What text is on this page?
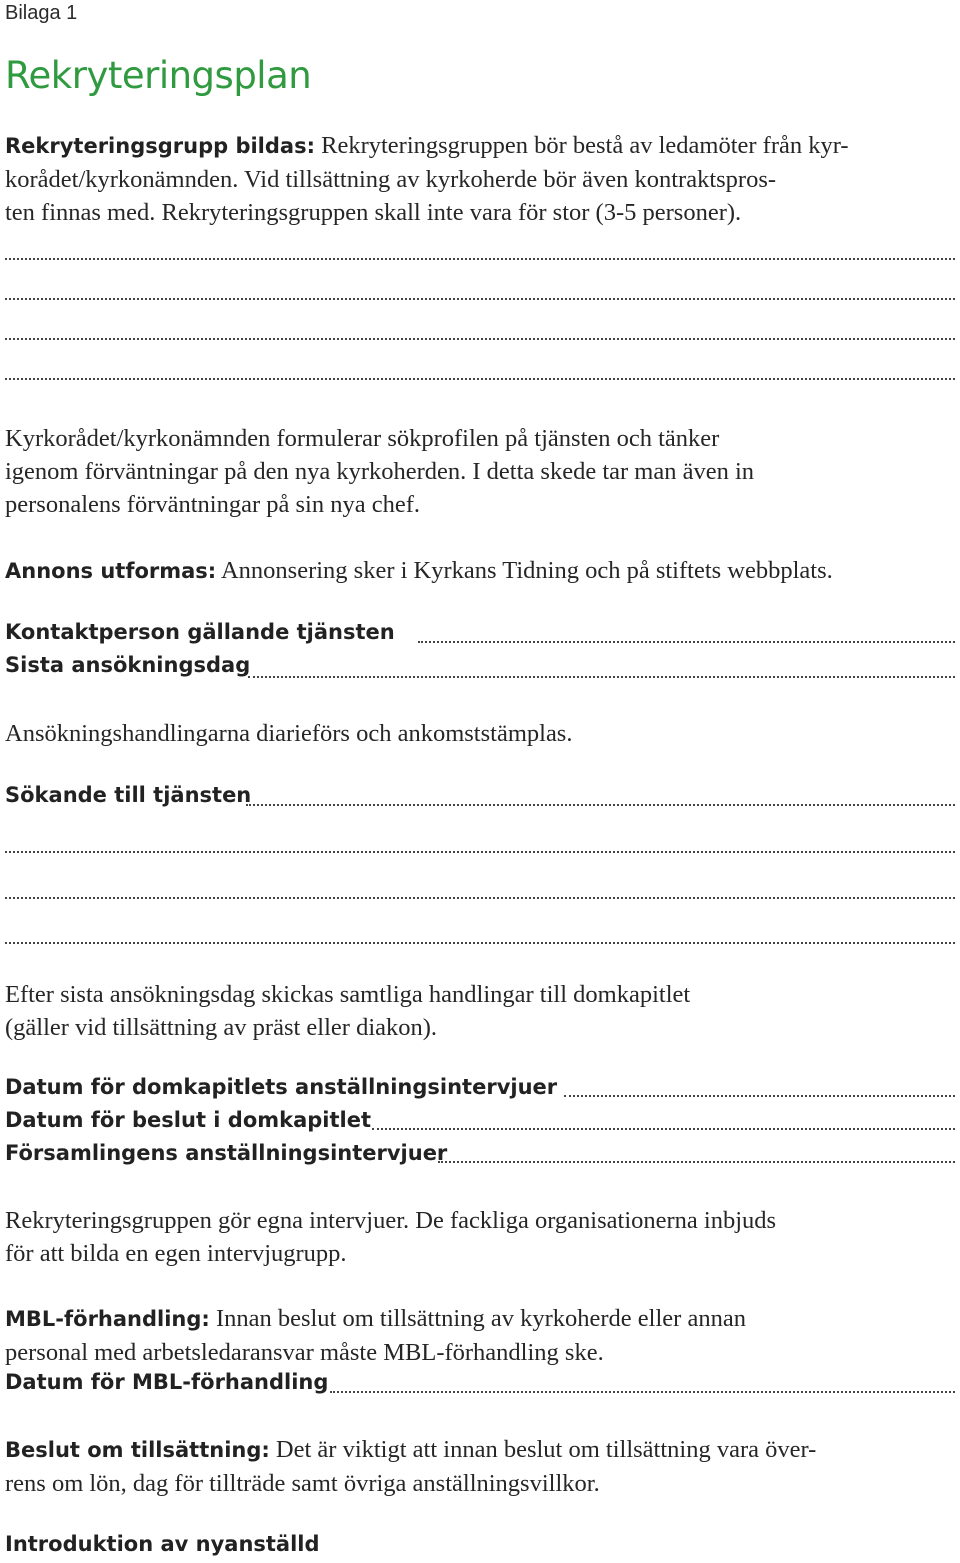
Bilaga 1
Rekryteringsplan
Rekryteringsgrupp bildas: Rekryteringsgruppen bör bestå av ledamöter från kyr-
korådet/kyrkonämnden. Vid tillsättning av kyrkoherde bör även kontraktspros-
ten finnas med. Rekryteringsgruppen skall inte vara för stor (3-5 personer).
Kyrkorådet/kyrkonämnden formulerar sökprofilen på tjänsten och tänker
igenom förväntningar på den nya kyrkoherden. I detta skede tar man även in
personalens förväntningar på sin nya chef.
Annons utformas: Annonsering sker i Kyrkans Tidning och på stiftets webbplats.
Kontaktperson gällande tjänsten
Sista ansökningsdag
Ansökningshandlingarna diarieförs och ankomststämplas.
Sökande till tjänsten
Efter sista ansökningsdag skickas samtliga handlingar till domkapitlet
(gäller vid tillsättning av präst eller diakon).
Datum för domkapitlets anställningsintervjuer
Datum för beslut i domkapitlet
Församlingens anställningsintervjuer
Rekryteringsgruppen gör egna intervjuer. De fackliga organisationerna inbjuds
för att bilda en egen intervjugrupp.
MBL-förhandling: Innan beslut om tillsättning av kyrkoherde eller annan
personal med arbetsledaransvar måste MBL-förhandling ske.
Datum för MBL-förhandling
Beslut om tillsättning: Det är viktigt att innan beslut om tillsättning vara över-
rens om lön, dag för tillträde samt övriga anställningsvillkor.
Introduktion av nyanställd
